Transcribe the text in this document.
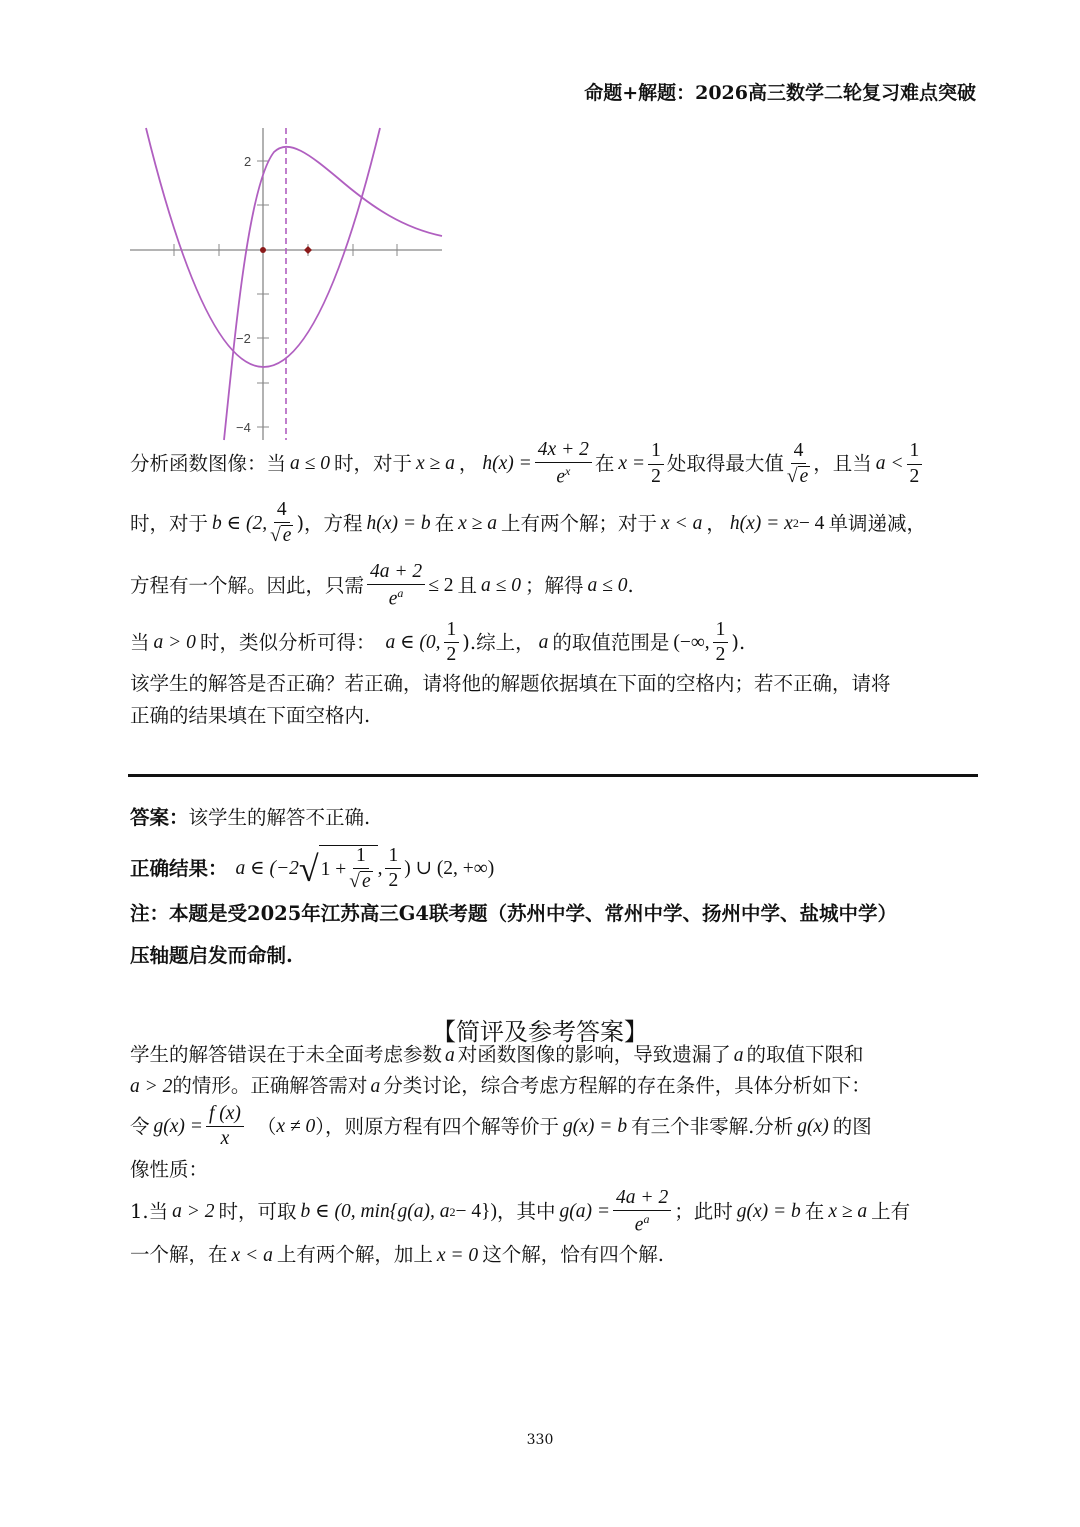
命题+解题：2026高三数学二轮复习难点突破
2
−2
−4
分析函数图像：当 a ≤ 0 时，对于 x ≥ a ， $h(x) = \frac{4x + 2}{e^x}$ 在 $x = \frac{1}{2}$ 处取得最大值 $\frac{4}{√ e}$ ，且当 $a < \frac{1}{2}$
时，对于 b ∈ (2, $\frac{4}{√ e}$ )，方程 h(x) = b 在 x ≥ a 上有两个解；对于 x < a ， h(x) = x 2 − 4 单调递减，
方程有一个解。因此，只需 $\frac{4a + 2}{e^a} \le 2$ 且 a ≤ 0 ；解得 a ≤ 0 .
当 a > 0 时，类似分析可得： a ∈ (0, $\frac{1}{2}$ ).综上， a 的取值范围是 (−∞, $\frac{1}{2}$ ).
该学生的解答是否正确？若正确，请将他的解题依据填在下面的空格内；若不正确，请将
正确的结果填在下面空格内.
答案：该学生的解答不正确.
正确结果： a ∈ (−2 √ $1 + \frac{1}{√ e}$ , $\frac{1}{2}$ ) ∪ (2, +∞)
注：本题是受2025年江苏高三G4联考题（苏州中学、常州中学、扬州中学、盐城中学）
压轴题启发而命制.
【简评及参考答案】
学生的解答错误在于未全面考虑参数 a 对函数图像的影响，导致遗漏了 a 的取值下限和
a > 2的情形。正确解答需对 a 分类讨论，综合考虑方程解的存在条件，具体分析如下：
令 $g(x) = \frac{f (x)}{x}$ （ x ≠ 0 ），则原方程有四个解等价于 g(x) = b 有三个非零解.分析 g(x) 的图
像性质：
1.当 a > 2 时，可取 b ∈ (0, min{g(a), a 2 − 4}) ，其中 $g(a) = \frac{4a + 2}{e^a}$ ；此时 g(x) = b 在 x ≥ a 上有
一个解，在 x < a 上有两个解，加上 x = 0 这个解，恰有四个解.
330
